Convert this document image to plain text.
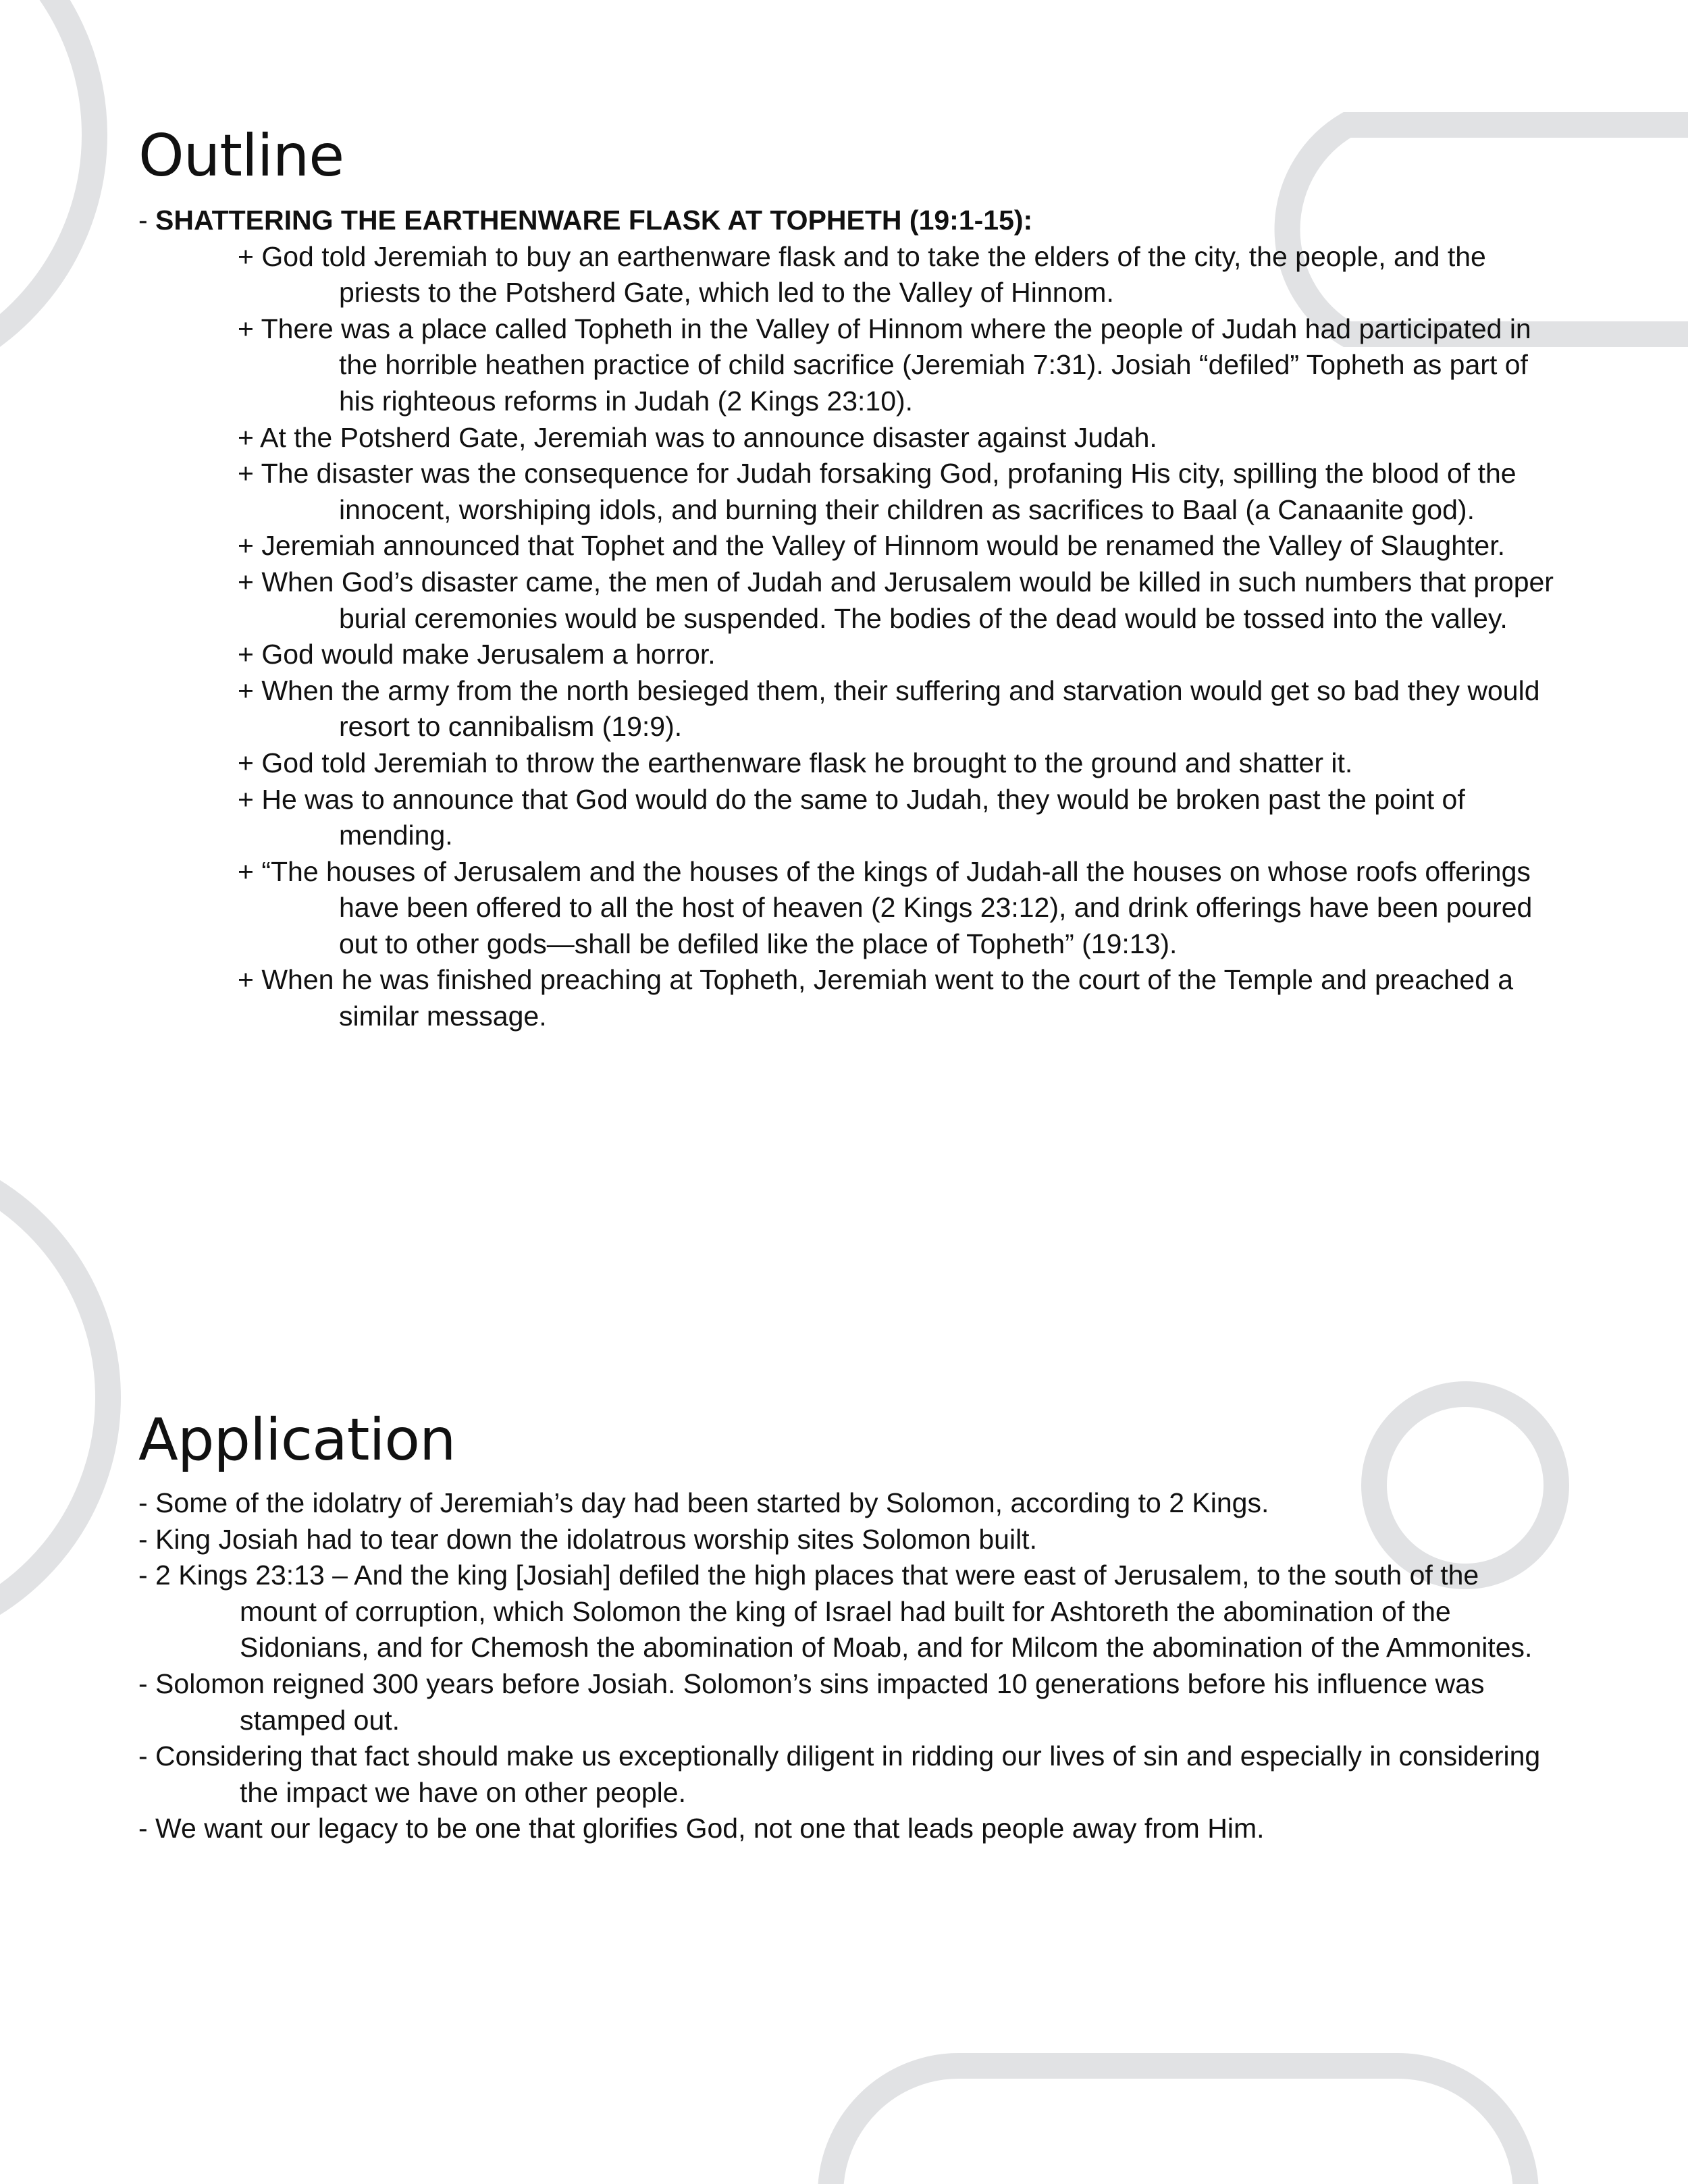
Outline
- SHATTERING THE EARTHENWARE FLASK AT TOPHETH (19:1-15):
+ God told Jeremiah to buy an earthenware flask and to take the elders of the city, the people, and the priests to the Potsherd Gate, which led to the Valley of Hinnom.
+ There was a place called Topheth in the Valley of Hinnom where the people of Judah had participated in the horrible heathen practice of child sacrifice (Jeremiah 7:31). Josiah “defiled” Topheth as part of his righteous reforms in Judah (2 Kings 23:10).
+ At the Potsherd Gate, Jeremiah was to announce disaster against Judah.
+ The disaster was the consequence for Judah forsaking God, profaning His city, spilling the blood of the innocent, worshiping idols, and burning their children as sacrifices to Baal (a Canaanite god).
+ Jeremiah announced that Tophet and the Valley of Hinnom would be renamed the Valley of Slaughter.
+ When God’s disaster came, the men of Judah and Jerusalem would be killed in such numbers that proper burial ceremonies would be suspended. The bodies of the dead would be tossed into the valley.
+ God would make Jerusalem a horror.
+ When the army from the north besieged them, their suffering and starvation would get so bad they would resort to cannibalism (19:9).
+ God told Jeremiah to throw the earthenware flask he brought to the ground and shatter it.
+ He was to announce that God would do the same to Judah, they would be broken past the point of mending.
+ “The houses of Jerusalem and the houses of the kings of Judah-all the houses on whose roofs offerings have been offered to all the host of heaven (2 Kings 23:12), and drink offerings have been poured out to other gods—shall be defiled like the place of Topheth” (19:13).
+ When he was finished preaching at Topheth, Jeremiah went to the court of the Temple and preached a similar message.
Application
- Some of the idolatry of Jeremiah’s day had been started by Solomon, according to 2 Kings.
- King Josiah had to tear down the idolatrous worship sites Solomon built.
- 2 Kings 23:13 – And the king [Josiah] defiled the high places that were east of Jerusalem, to the south of the mount of corruption, which Solomon the king of Israel had built for Ashtoreth the abomination of the Sidonians, and for Chemosh the abomination of Moab, and for Milcom the abomination of the Ammonites.
- Solomon reigned 300 years before Josiah. Solomon’s sins impacted 10 generations before his influence was stamped out.
- Considering that fact should make us exceptionally diligent in ridding our lives of sin and especially in considering the impact we have on other people.
- We want our legacy to be one that glorifies God, not one that leads people away from Him.
